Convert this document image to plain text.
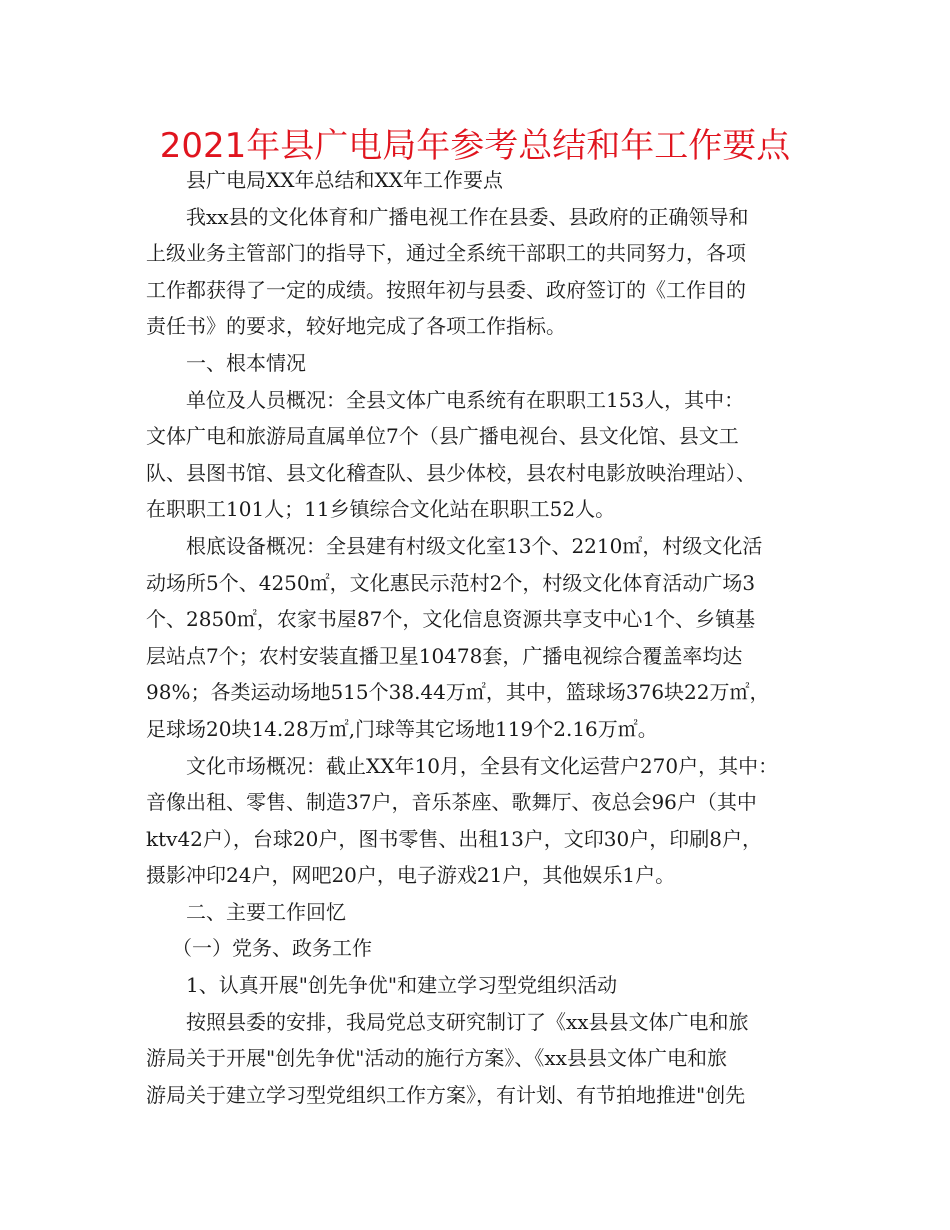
2021年县广电局年参考总结和年工作要点
县广电局XX年总结和XX年工作要点
我xx县的文化体育和广播电视工作在县委、县政府的正确领导和
上级业务主管部门的指导下，通过全系统干部职工的共同努力，各项
工作都获得了一定的成绩。按照年初与县委、政府签订的《工作目的
责任书》的要求，较好地完成了各项工作指标。
一、根本情况
单位及人员概况：全县文体广电系统有在职职工153人，其中：
文体广电和旅游局直属单位7个（县广播电视台、县文化馆、县文工
队、县图书馆、县文化稽查队、县少体校，县农村电影放映治理站）、
在职职工101人；11乡镇综合文化站在职职工52人。
根底设备概况：全县建有村级文化室13个、2210㎡，村级文化活
动场所5个、4250㎡，文化惠民示范村2个，村级文化体育活动广场3
个、2850㎡，农家书屋87个，文化信息资源共享支中心1个、乡镇基
层站点7个；农村安装直播卫星10478套，广播电视综合覆盖率均达
98%；各类运动场地515个38.44万㎡，其中，篮球场376块22万㎡，
足球场20块14.28万㎡,门球等其它场地119个2.16万㎡。
文化市场概况：截止XX年10月，全县有文化运营户270户，其中：
音像出租、零售、制造37户，音乐茶座、歌舞厅、夜总会96户（其中
ktv42户），台球20户，图书零售、出租13户，文印30户，印刷8户，
摄影冲印24户，网吧20户，电子游戏21户，其他娱乐1户。
二、主要工作回忆
（一）党务、政务工作
1、认真开展"创先争优"和建立学习型党组织活动
按照县委的安排，我局党总支研究制订了《xx县县文体广电和旅
游局关于开展"创先争优"活动的施行方案》、《xx县县文体广电和旅
游局关于建立学习型党组织工作方案》，有计划、有节拍地推进"创先
